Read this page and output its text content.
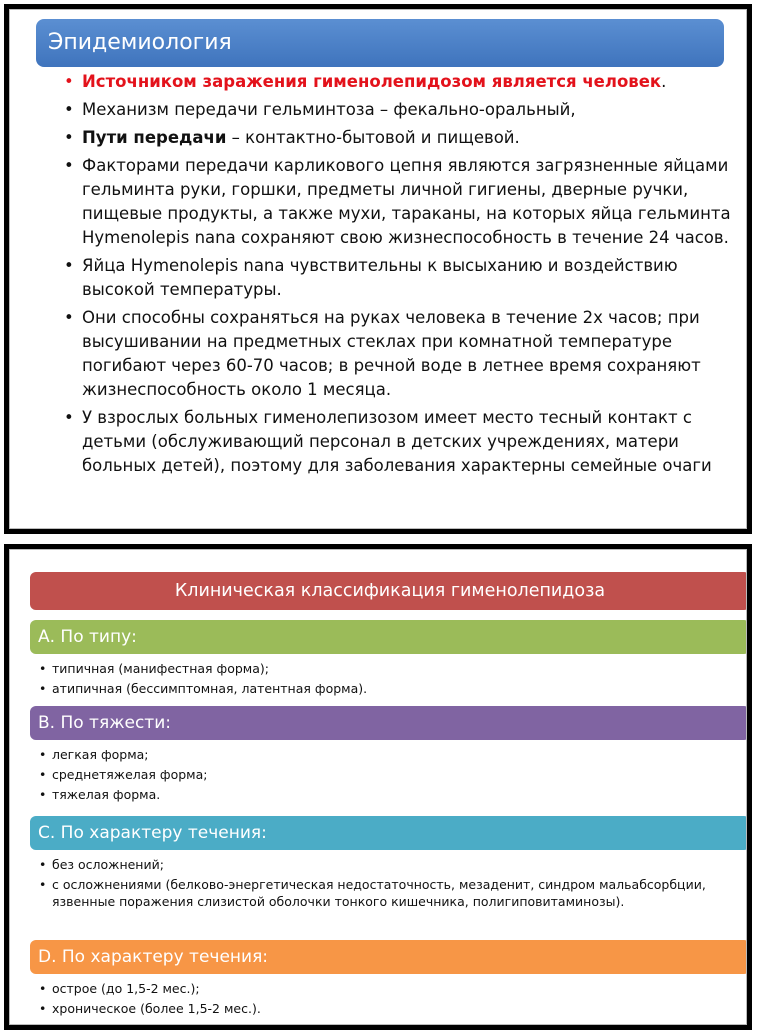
Эпидемиология
• Источником заражения гименолепидозом является человек.
• Механизм передачи гельминтоза – фекально-оральный,
• Пути передачи – контактно-бытовой и пищевой.
• Факторами передачи карликового цепня являются загрязненные яйцами гельминта руки, горшки, предметы личной гигиены, дверные ручки, пищевые продукты, а также мухи, тараканы, на которых яйца гельминта Hymenolepis nana сохраняют свою жизнеспособность в течение 24 часов.
• Яйца Hymenolepis nana чувствительны к высыханию и воздействию высокой температуры.
• Они способны сохраняться на руках человека в течение 2х часов; при высушивании на предметных стеклах при комнатной температуре погибают через 60-70 часов; в речной воде в летнее время сохраняют жизнеспособность около 1 месяца.
• У взрослых больных гименолепизозом имеет место тесный контакт с детьми (обслуживающий персонал в детских учреждениях, матери больных детей), поэтому для заболевания характерны семейные очаги
Клиническая классификация гименолепидоза
А. По типу:
• типичная (манифестная форма);
• атипичная (бессимптомная, латентная форма).
В. По тяжести:
• легкая форма;
• среднетяжелая форма;
• тяжелая форма.
С. По характеру течения:
• без осложнений;
• с осложнениями (белково-энергетическая недостаточность, мезаденит, синдром мальабсорбции, язвенные поражения слизистой оболочки тонкого кишечника, полигиповитаминозы).
D. По характеру течения:
• острое (до 1,5-2 мес.);
• хроническое (более 1,5-2 мес.).
